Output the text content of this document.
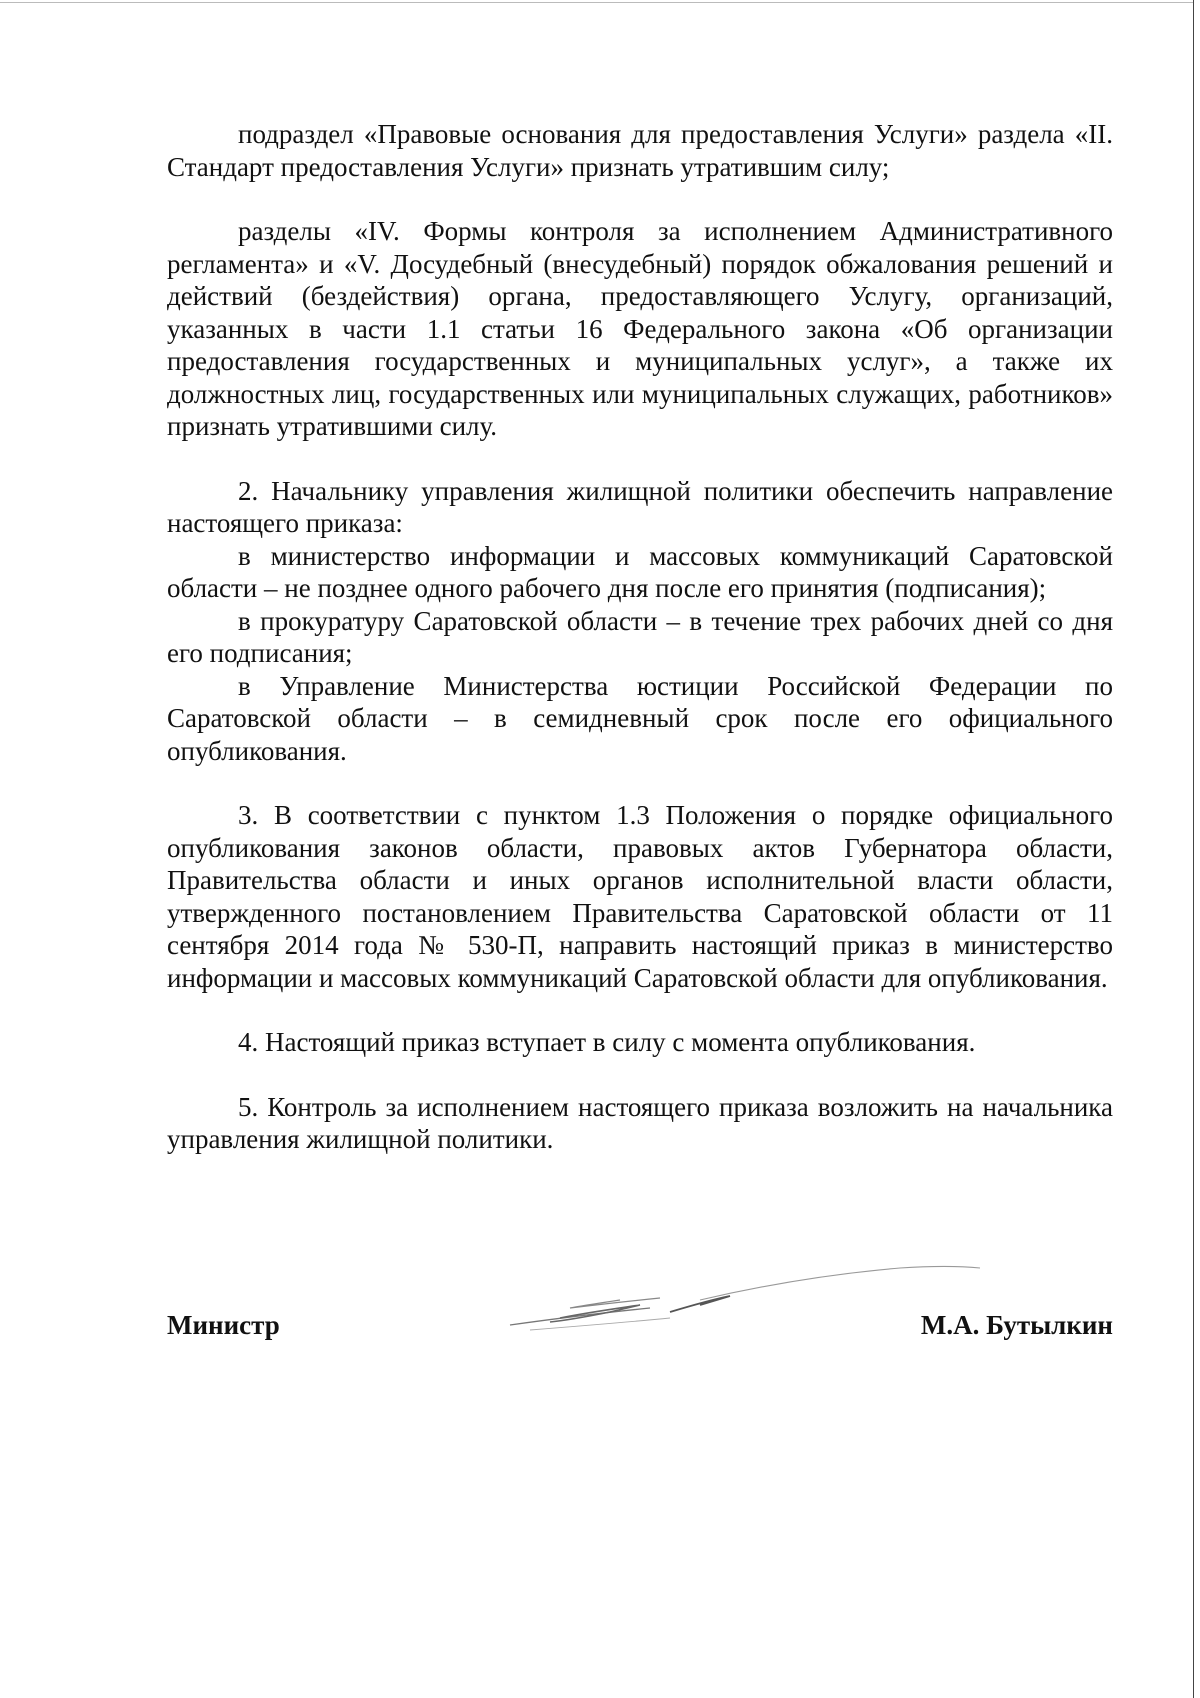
подраздел «Правовые основания для предоставления Услуги» раздела «II. Стандарт предоставления Услуги» признать утратившим силу;

разделы «IV. Формы контроля за исполнением Административного регламента» и «V. Досудебный (внесудебный) порядок обжалования решений и действий (бездействия) органа, предоставляющего Услугу, организаций, указанных в части 1.1 статьи 16 Федерального закона «Об организации предоставления государственных и муниципальных услуг», а также их должностных лиц, государственных или муниципальных служащих, работников» признать утратившими силу.

2. Начальнику управления жилищной политики обеспечить направление настоящего приказа:

в министерство информации и массовых коммуникаций Саратовской области – не позднее одного рабочего дня после его принятия (подписания);

в прокуратуру Саратовской области – в течение трех рабочих дней со дня его подписания;

в Управление Министерства юстиции Российской Федерации по Саратовской области – в семидневный срок после его официального опубликования.

3. В соответствии с пунктом 1.3 Положения о порядке официального опубликования законов области, правовых актов Губернатора области, Правительства области и иных органов исполнительной власти области, утвержденного постановлением Правительства Саратовской области от 11 сентября 2014 года № 530-П, направить настоящий приказ в министерство информации и массовых коммуникаций Саратовской области для опубликования.

4. Настоящий приказ вступает в силу с момента опубликования.

5. Контроль за исполнением настоящего приказа возложить на начальника управления жилищной политики.

Министр	М.А. Бутылкин
